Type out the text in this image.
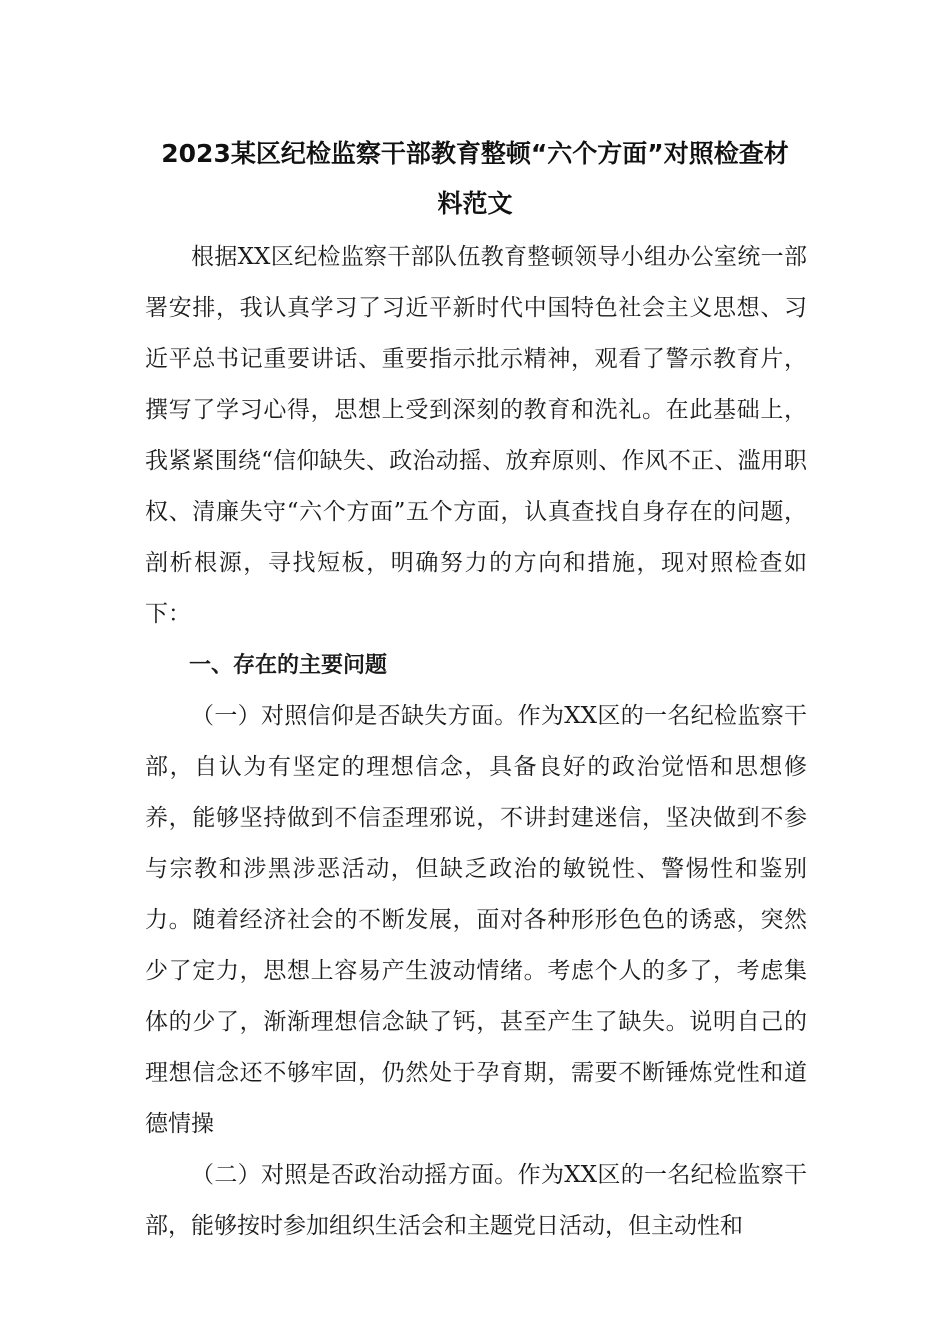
2023某区纪检监察干部教育整顿“六个方面”对照检查材
料范文

根据XX区纪检监察干部队伍教育整顿领导小组办公室统一部署安排，我认真学习了习近平新时代中国特色社会主义思想、习近平总书记重要讲话、重要指示批示精神，观看了警示教育片，撰写了学习心得，思想上受到深刻的教育和洗礼。在此基础上，我紧紧围绕“信仰缺失、政治动摇、放弃原则、作风不正、滥用职权、清廉失守“六个方面”五个方面，认真查找自身存在的问题，剖析根源，寻找短板，明确努力的方向和措施，现对照检查如下：

一、存在的主要问题

（一）对照信仰是否缺失方面。作为XX区的一名纪检监察干部，自认为有坚定的理想信念，具备良好的政治觉悟和思想修养，能够坚持做到不信歪理邪说，不讲封建迷信，坚决做到不参与宗教和涉黑涉恶活动，但缺乏政治的敏锐性、警惕性和鉴别力。随着经济社会的不断发展，面对各种形形色色的诱惑，突然少了定力，思想上容易产生波动情绪。考虑个人的多了，考虑集体的少了，渐渐理想信念缺了钙，甚至产生了缺失。说明自己的理想信念还不够牢固，仍然处于孕育期，需要不断锤炼党性和道德情操

（二）对照是否政治动摇方面。作为XX区的一名纪检监察干部，能够按时参加组织生活会和主题党日活动，但主动性和
